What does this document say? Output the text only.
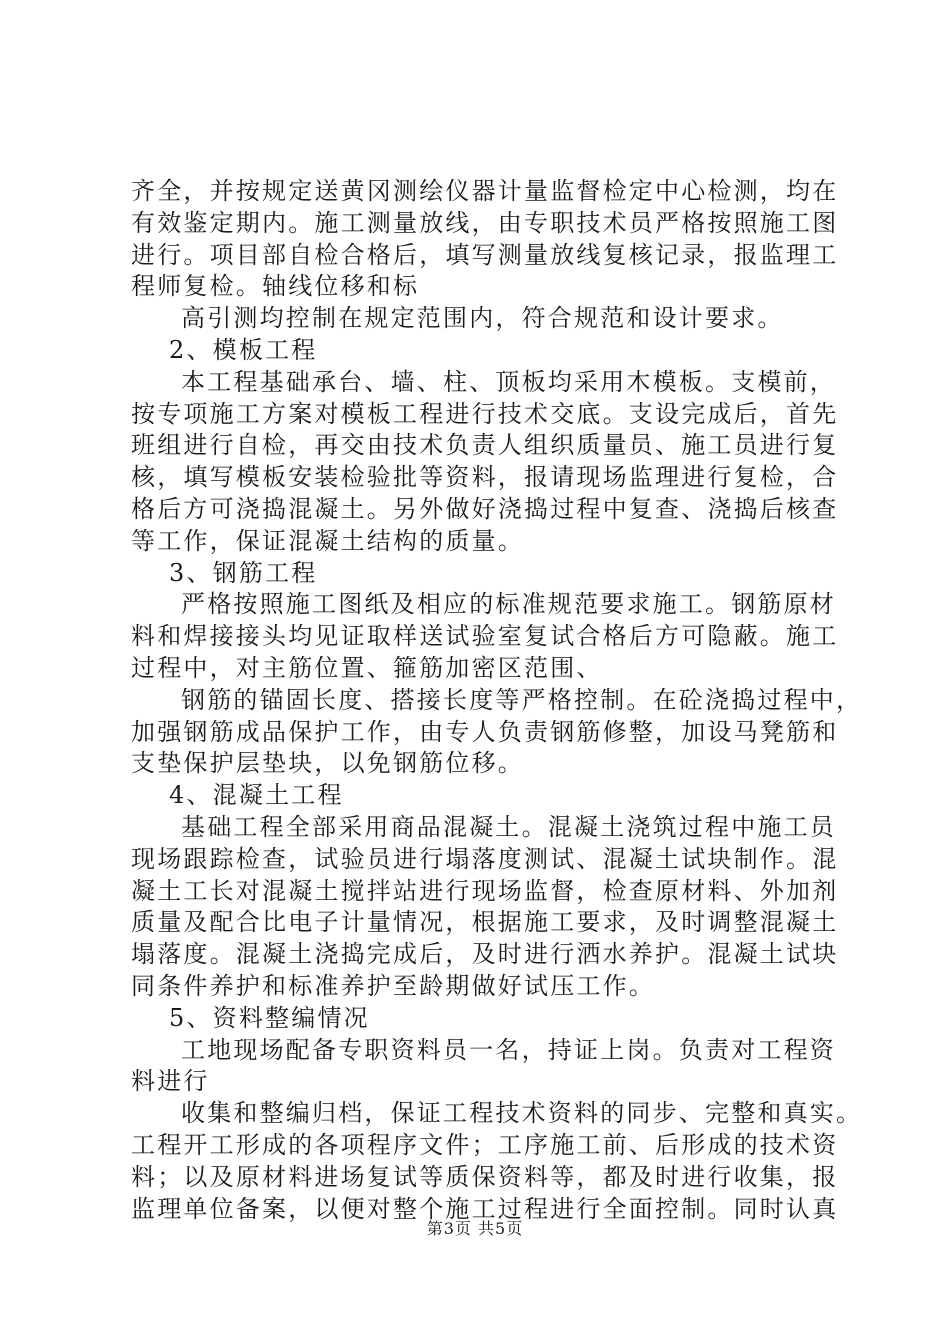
齐全，并按规定送黄冈测绘仪器计量监督检定中心检测，均在
有效鉴定期内。施工测量放线，由专职技术员严格按照施工图
进行。项目部自检合格后，填写测量放线复核记录，报监理工
程师复检。轴线位移和标
高引测均控制在规定范围内，符合规范和设计要求。
2、模板工程
本工程基础承台、墙、柱、顶板均采用木模板。支模前，
按专项施工方案对模板工程进行技术交底。支设完成后，首先
班组进行自检，再交由技术负责人组织质量员、施工员进行复
核，填写模板安装检验批等资料，报请现场监理进行复检，合
格后方可浇捣混凝土。另外做好浇捣过程中复查、浇捣后核查
等工作，保证混凝土结构的质量。
3、钢筋工程
严格按照施工图纸及相应的标准规范要求施工。钢筋原材
料和焊接接头均见证取样送试验室复试合格后方可隐蔽。施工
过程中，对主筋位置、箍筋加密区范围、
钢筋的锚固长度、搭接长度等严格控制。在砼浇捣过程中，
加强钢筋成品保护工作，由专人负责钢筋修整，加设马凳筋和
支垫保护层垫块，以免钢筋位移。
4、混凝土工程
基础工程全部采用商品混凝土。混凝土浇筑过程中施工员
现场跟踪检查，试验员进行塌落度测试、混凝土试块制作。混
凝土工长对混凝土搅拌站进行现场监督，检查原材料、外加剂
质量及配合比电子计量情况，根据施工要求，及时调整混凝土
塌落度。混凝土浇捣完成后，及时进行洒水养护。混凝土试块
同条件养护和标准养护至龄期做好试压工作。
5、资料整编情况
工地现场配备专职资料员一名，持证上岗。负责对工程资
料进行
收集和整编归档，保证工程技术资料的同步、完整和真实。
工程开工形成的各项程序文件；工序施工前、后形成的技术资
料；以及原材料进场复试等质保资料等，都及时进行收集，报
监理单位备案，以便对整个施工过程进行全面控制。同时认真
第3页 共5页
